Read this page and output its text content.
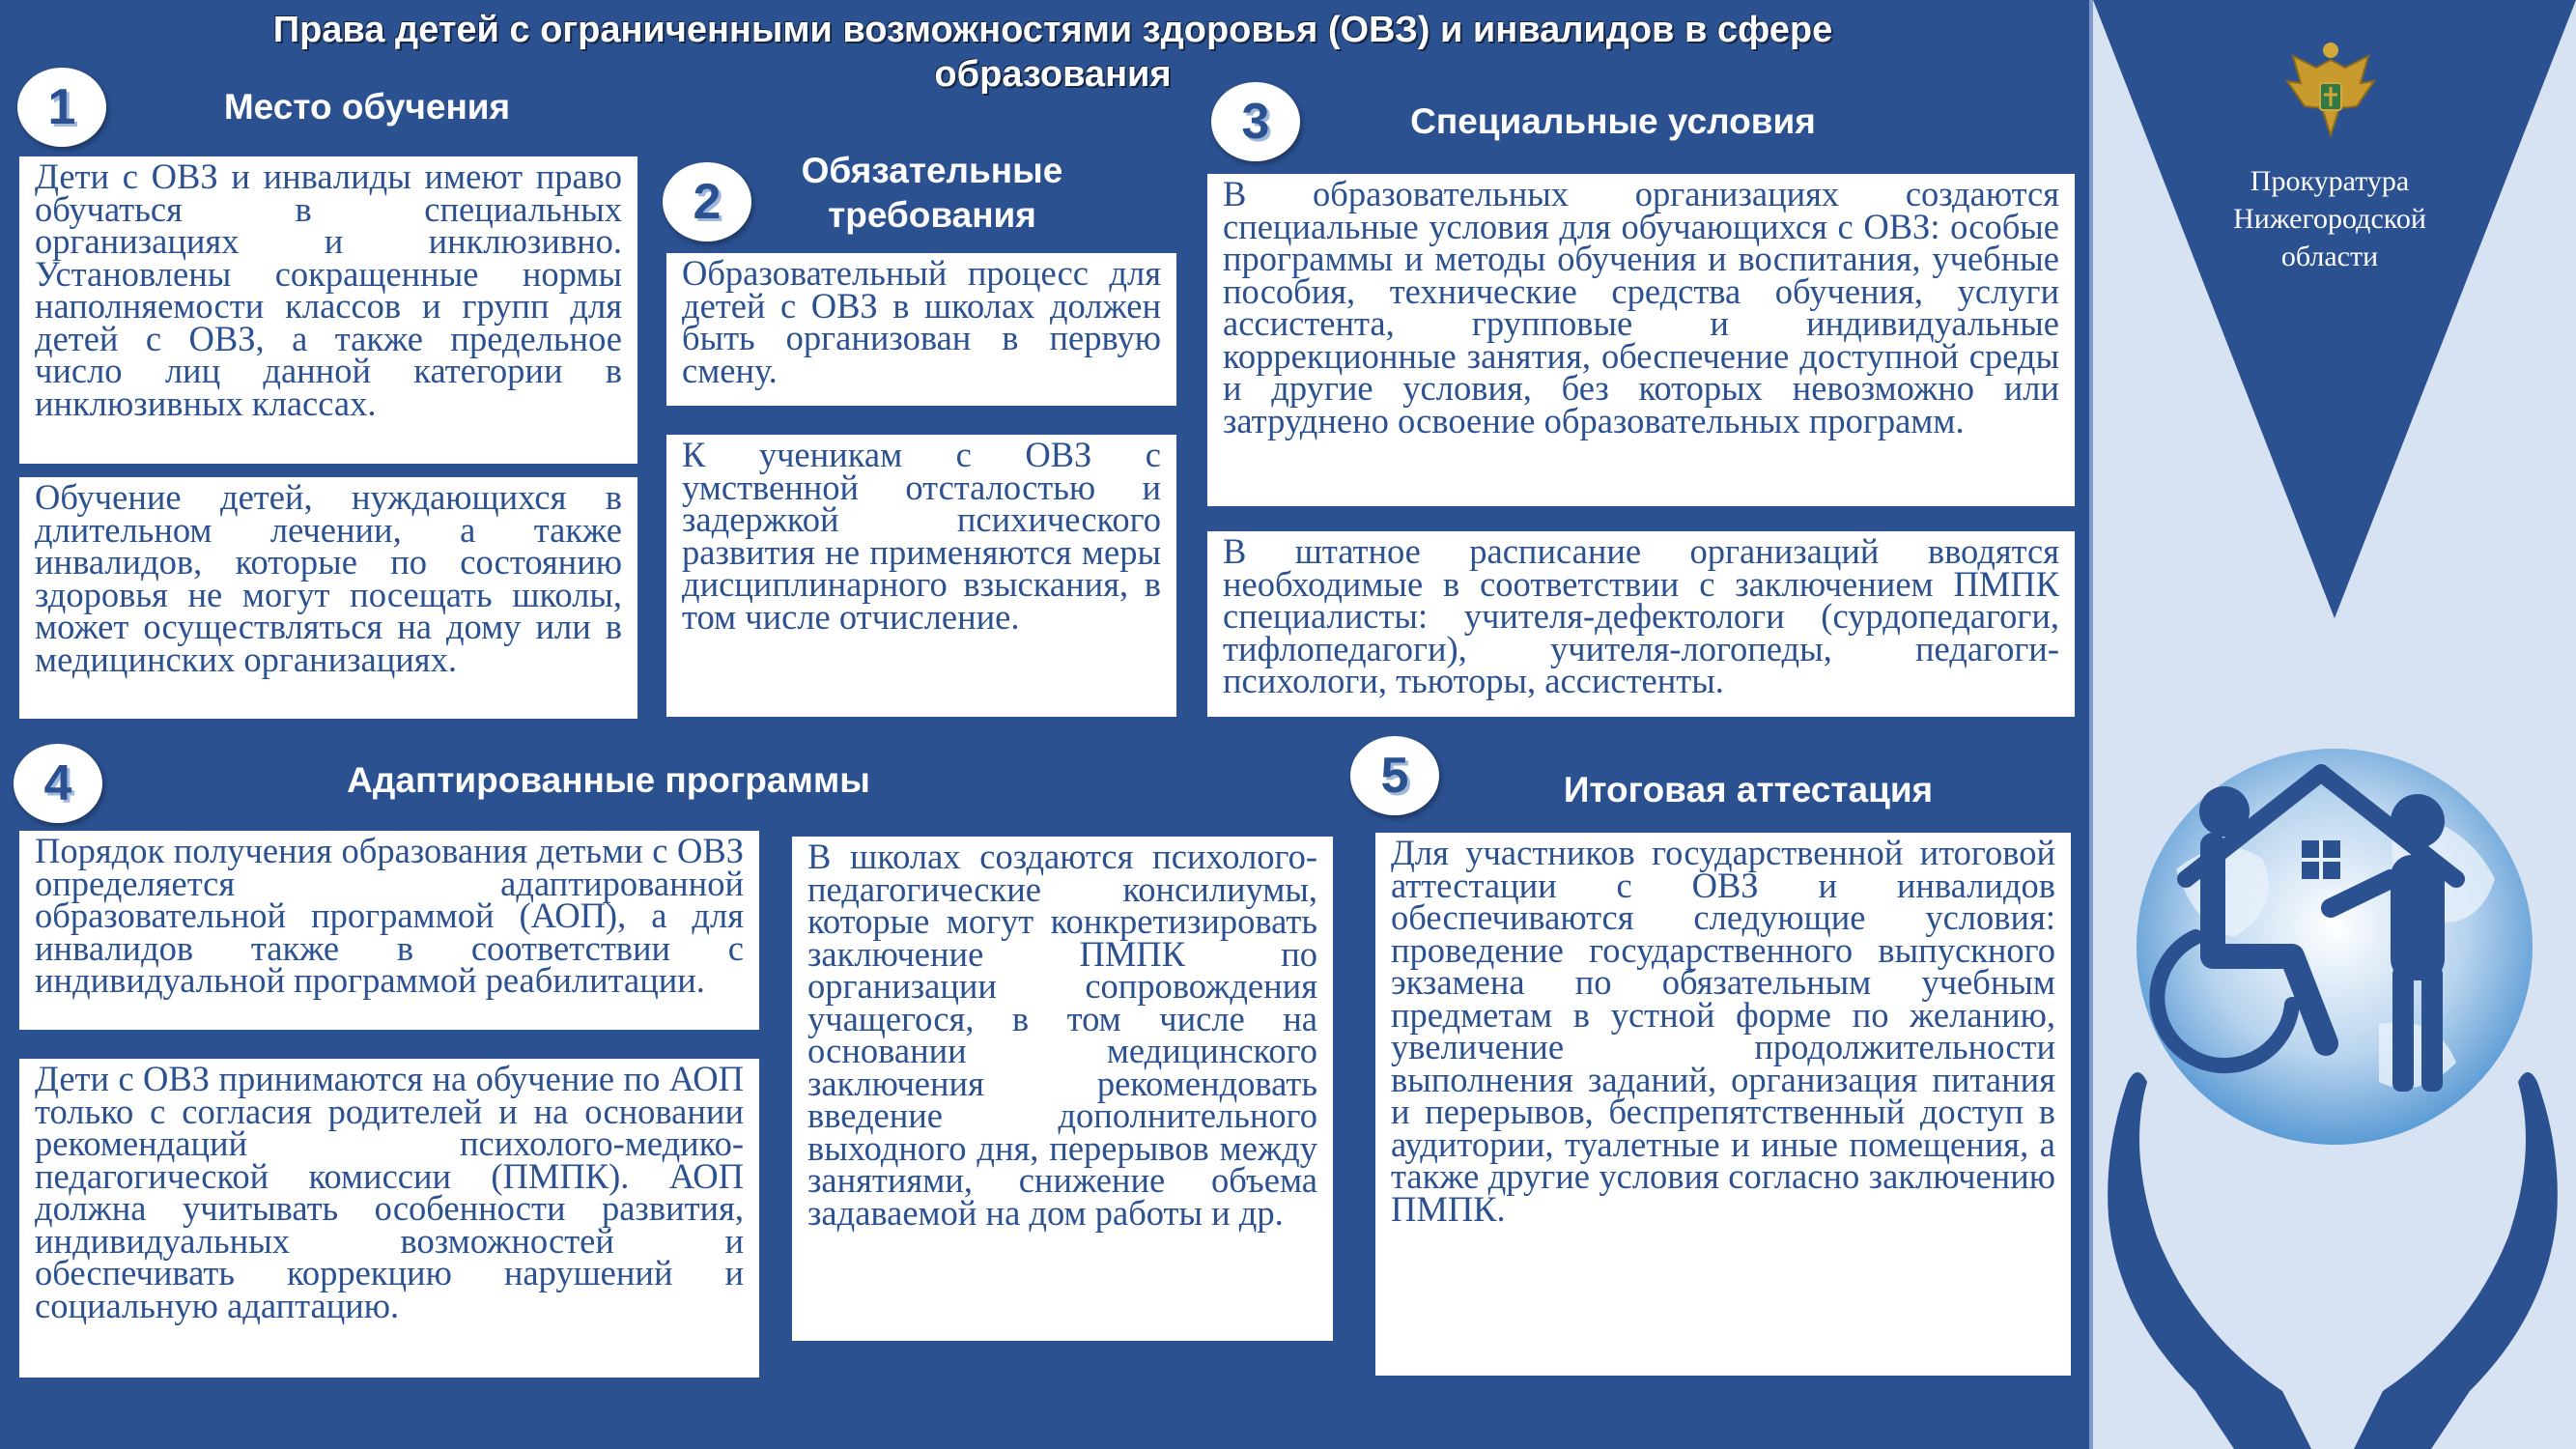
Права детей с ограниченными возможностями здоровья (ОВЗ) и инвалидов в сфере
образования
1	Место обучения

Дети с ОВЗ и инвалиды имеют право обучаться в специальных организациях и инклюзивно. Установлены сокращенные нормы наполняемости классов и групп для детей с ОВЗ, а также предельное число лиц данной категории в инклюзивных классах.

Обучение детей, нуждающихся в длительном лечении, а также инвалидов, которые по состоянию здоровья не могут посещать школы, может осуществляться на дому или в медицинских организациях.

2
Обязательные
требования

Образовательный процесс для детей с ОВЗ в школах должен быть организован в первую смену.

К ученикам с ОВЗ с умственной отсталостью и задержкой психического развития не применяются меры дисциплинарного взыскания, в том числе отчисление.

3	Специальные условия

В образовательных организациях создаются специальные условия для обучающихся с ОВЗ: особые программы и методы обучения и воспитания, учебные пособия, технические средства обучения, услуги ассистента, групповые и индивидуальные коррекционные занятия, обеспечение доступной среды и другие условия, без которых невозможно или затруднено освоение образовательных программ.

В штатное расписание организаций вводятся необходимые в соответствии с заключением ПМПК специалисты: учителя-дефектологи (сурдопедагоги, тифлопедагоги), учителя-логопеды, педагоги-психологи, тьюторы, ассистенты.

4	Адаптированные программы

Порядок получения образования детьми с ОВЗ определяется адаптированной образовательной программой (АОП), а для инвалидов также в соответствии с индивидуальной программой реабилитации.

Дети с ОВЗ принимаются на обучение по АОП только с согласия родителей и на основании рекомендаций психолого-медико-педагогической комиссии (ПМПК). АОП должна учитывать особенности развития, индивидуальных возможностей и обеспечивать коррекцию нарушений и социальную адаптацию.

В школах создаются психолого-педагогические консилиумы, которые могут конкретизировать заключение ПМПК по организации сопровождения учащегося, в том числе на основании медицинского заключения рекомендовать введение дополнительного выходного дня, перерывов между занятиями, снижение объема задаваемой на дом работы и др.

5	Итоговая аттестация

Для участников государственной итоговой аттестации с ОВЗ и инвалидов обеспечиваются следующие условия: проведение государственного выпускного экзамена по обязательным учебным предметам в устной форме по желанию, увеличение продолжительности выполнения заданий, организация питания и перерывов, беспрепятственный доступ в аудитории, туалетные и иные помещения, а также другие условия согласно заключению ПМПК.

Прокуратура
Нижегородской
области
